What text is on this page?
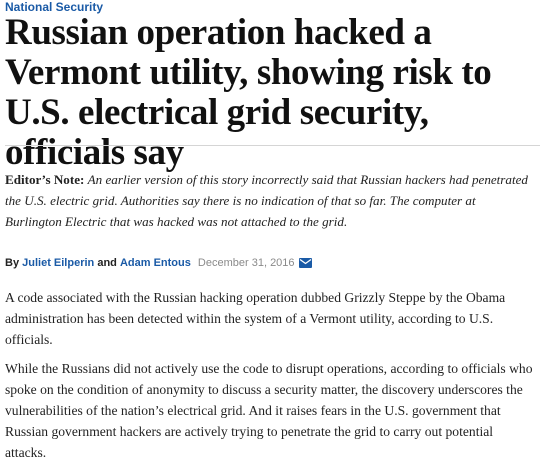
National Security
Russian operation hacked a Vermont utility, showing risk to U.S. electrical grid security, officials say

Editor’s Note: An earlier version of this story incorrectly said that Russian hackers had penetrated the U.S. electric grid. Authorities say there is no indication of that so far. The computer at Burlington Electric that was hacked was not attached to the grid.

By Juliet Eilperin and Adam Entous December 31, 2016

A code associated with the Russian hacking operation dubbed Grizzly Steppe by the Obama administration has been detected within the system of a Vermont utility, according to U.S. officials.

While the Russians did not actively use the code to disrupt operations, according to officials who spoke on the condition of anonymity to discuss a security matter, the discovery underscores the vulnerabilities of the nation’s electrical grid. And it raises fears in the U.S. government that Russian government hackers are actively trying to penetrate the grid to carry out potential attacks.
